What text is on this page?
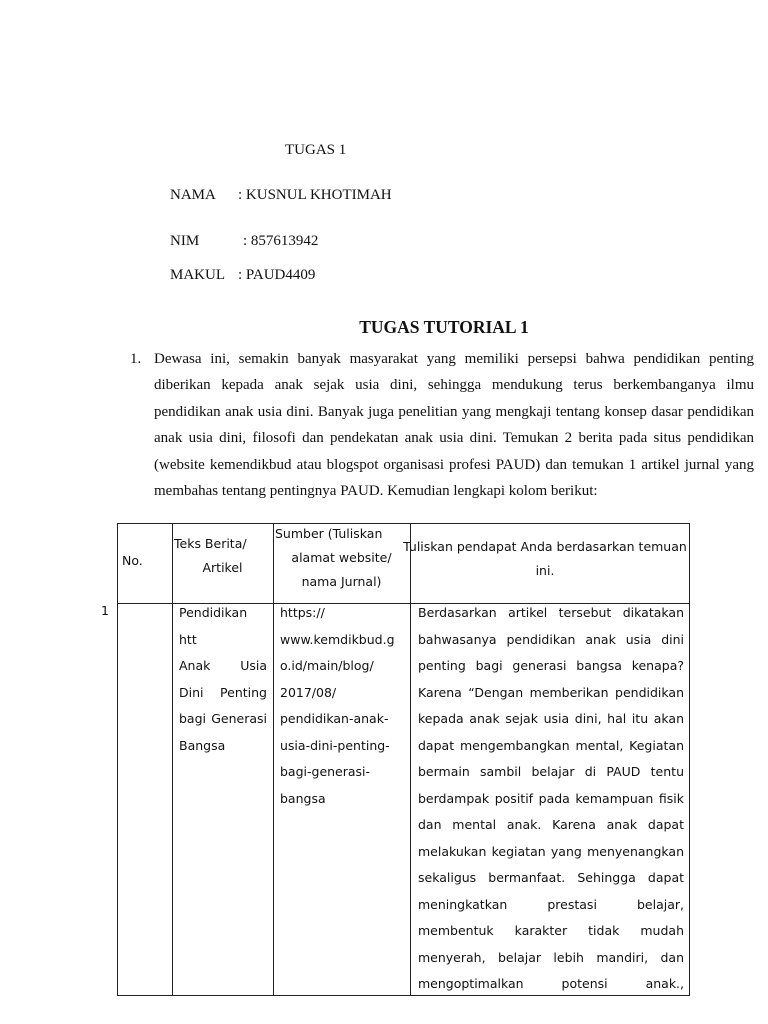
TUGAS 1
NAMA : KUSNUL KHOTIMAH
NIM	: 857613942
MAKUL : PAUD4409
TUGAS TUTORIAL 1
1. Dewasa ini, semakin banyak masyarakat yang memiliki persepsi bahwa pendidikan penting diberikan kepada anak sejak usia dini, sehingga mendukung terus berkembanganya ilmu pendidikan anak usia dini. Banyak juga penelitian yang mengkaji tentang konsep dasar pendidikan anak usia dini, filosofi dan pendekatan anak usia dini. Temukan 2 berita pada situs pendidikan (website kemendikbud atau blogspot organisasi profesi PAUD) dan temukan 1 artikel jurnal yang membahas tentang pentingnya PAUD. Kemudian lengkapi kolom berikut:
1
No.
Teks Berita/
Artikel
Sumber (Tuliskan
alamat website/
nama Jurnal)
Tuliskan pendapat Anda berdasarkan temuan
ini.
Pendidikan htt
Anak Usia
Dini Penting
bagi Generasi
Bangsa
https://
www.kemdikbud.g
o.id/main/blog/
2017/08/
pendidikan-anak-
usia-dini-penting-
bagi-generasi-
bangsa
Berdasarkan artikel tersebut dikatakan
bahwasanya pendidikan anak usia dini
penting bagi generasi bangsa kenapa?
Karena “Dengan memberikan pendidikan
kepada anak sejak usia dini, hal itu akan
dapat mengembangkan mental, Kegiatan
bermain sambil belajar di PAUD tentu
berdampak positif pada kemampuan fisik
dan mental anak. Karena anak dapat
melakukan kegiatan yang menyenangkan
sekaligus bermanfaat. Sehingga dapat
meningkatkan prestasi belajar,
membentuk karakter tidak mudah
menyerah, belajar lebih mandiri, dan
mengoptimalkan potensi anak.,
